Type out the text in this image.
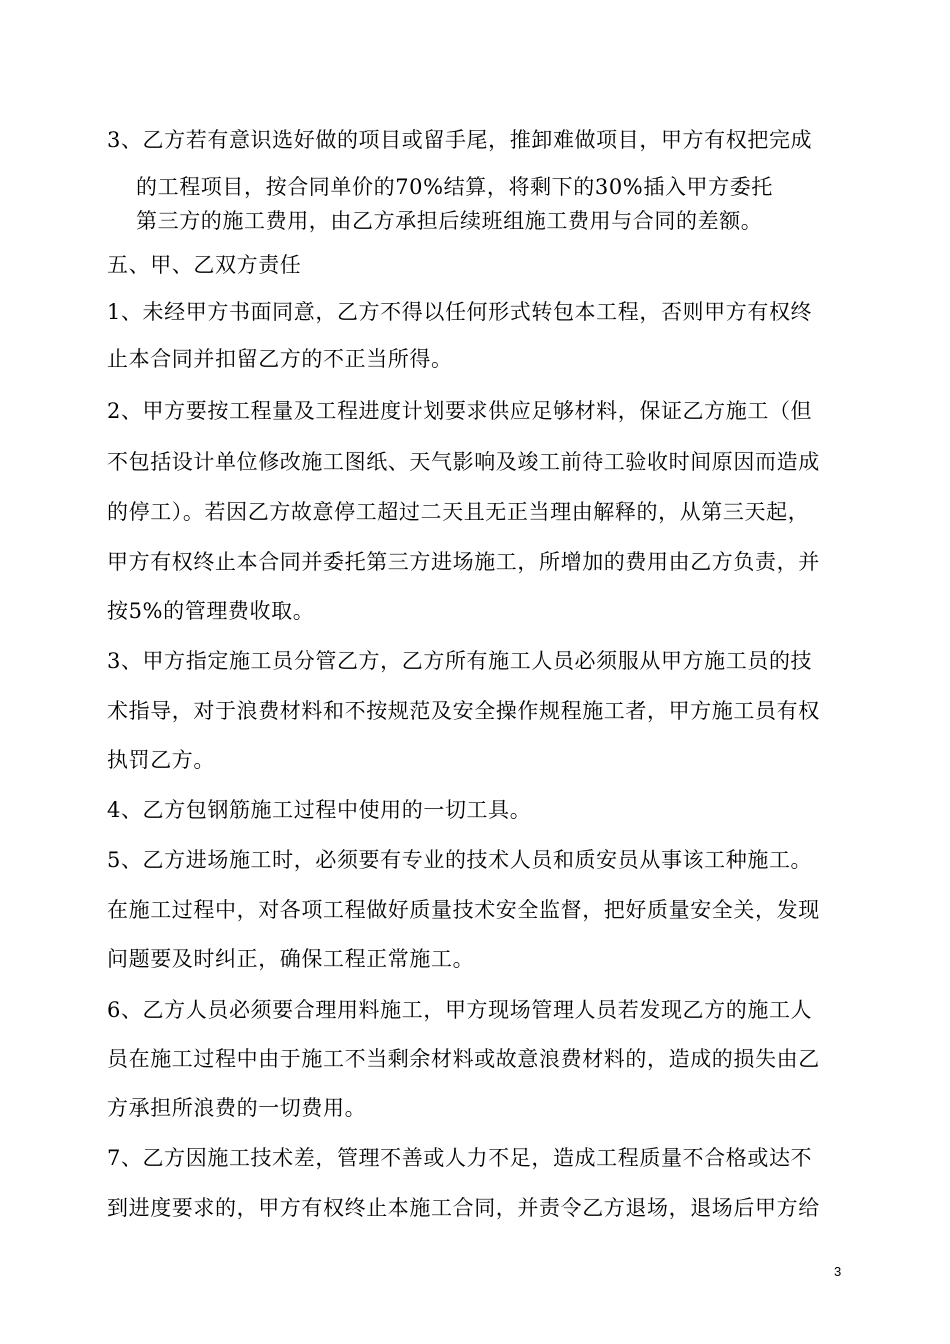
3、乙方若有意识选好做的项目或留手尾，推卸难做项目，甲方有权把完成
的工程项目，按合同单价的70%结算，将剩下的30%插入甲方委托
第三方的施工费用，由乙方承担后续班组施工费用与合同的差额。
五、甲、乙双方责任
1、未经甲方书面同意，乙方不得以任何形式转包本工程，否则甲方有权终
止本合同并扣留乙方的不正当所得。
2、甲方要按工程量及工程进度计划要求供应足够材料，保证乙方施工（但
不包括设计单位修改施工图纸、天气影响及竣工前待工验收时间原因而造成
的停工）。若因乙方故意停工超过二天且无正当理由解释的，从第三天起，
甲方有权终止本合同并委托第三方进场施工，所增加的费用由乙方负责，并
按5%的管理费收取。
3、甲方指定施工员分管乙方，乙方所有施工人员必须服从甲方施工员的技
术指导，对于浪费材料和不按规范及安全操作规程施工者，甲方施工员有权
执罚乙方。
4、乙方包钢筋施工过程中使用的一切工具。
5、乙方进场施工时，必须要有专业的技术人员和质安员从事该工种施工。
在施工过程中，对各项工程做好质量技术安全监督，把好质量安全关，发现
问题要及时纠正，确保工程正常施工。
6、乙方人员必须要合理用料施工，甲方现场管理人员若发现乙方的施工人
员在施工过程中由于施工不当剩余材料或故意浪费材料的，造成的损失由乙
方承担所浪费的一切费用。
7、乙方因施工技术差，管理不善或人力不足，造成工程质量不合格或达不
到进度要求的，甲方有权终止本施工合同，并责令乙方退场，退场后甲方给
3
